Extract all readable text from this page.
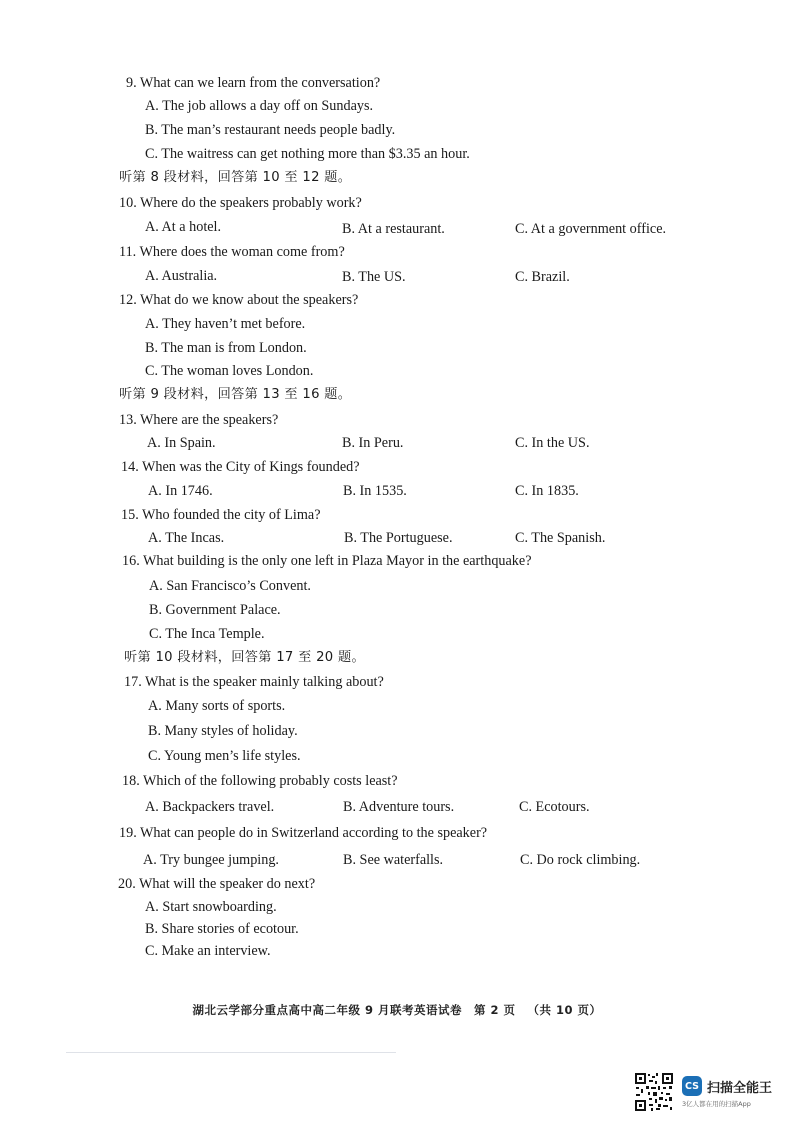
9. What can we learn from the conversation?
A. The job allows a day off on Sundays.
B. The man’s restaurant needs people badly.
C. The waitress can get nothing more than $3.35 an hour.
听第 8 段材料，回答第 10 至 12 题。
10. Where do the speakers probably work?
A. At a hotel.	B. At a restaurant.	C. At a government office.
11. Where does the woman come from?
A. Australia.	B. The US.	C. Brazil.
12. What do we know about the speakers?
A. They haven’t met before.
B. The man is from London.
C. The woman loves London.
听第 9 段材料，回答第 13 至 16 题。
13. Where are the speakers?
A. In Spain.	B. In Peru.	C. In the US.
14. When was the City of Kings founded?
A. In 1746.	B. In 1535.	C. In 1835.
15. Who founded the city of Lima?
A. The Incas.	B. The Portuguese.	C. The Spanish.
16. What building is the only one left in Plaza Mayor in the earthquake?
A. San Francisco’s Convent.
B. Government Palace.
C. The Inca Temple.
听第 10 段材料，回答第 17 至 20 题。
17. What is the speaker mainly talking about?
A. Many sorts of sports.
B. Many styles of holiday.
C. Young men’s life styles.
18. Which of the following probably costs least?
A. Backpackers travel.	B. Adventure tours.	C. Ecotours.
19. What can people do in Switzerland according to the speaker?
A. Try bungee jumping.	B. See waterfalls.	C. Do rock climbing.
20. What will the speaker do next?
A. Start snowboarding.
B. Share stories of ecotour.
C. Make an interview.
湖北云学部分重点高中高二年级 9 月联考英语试卷 第 2 页 （共 10 页）
CS 扫描全能王
3亿人都在用的扫描App
